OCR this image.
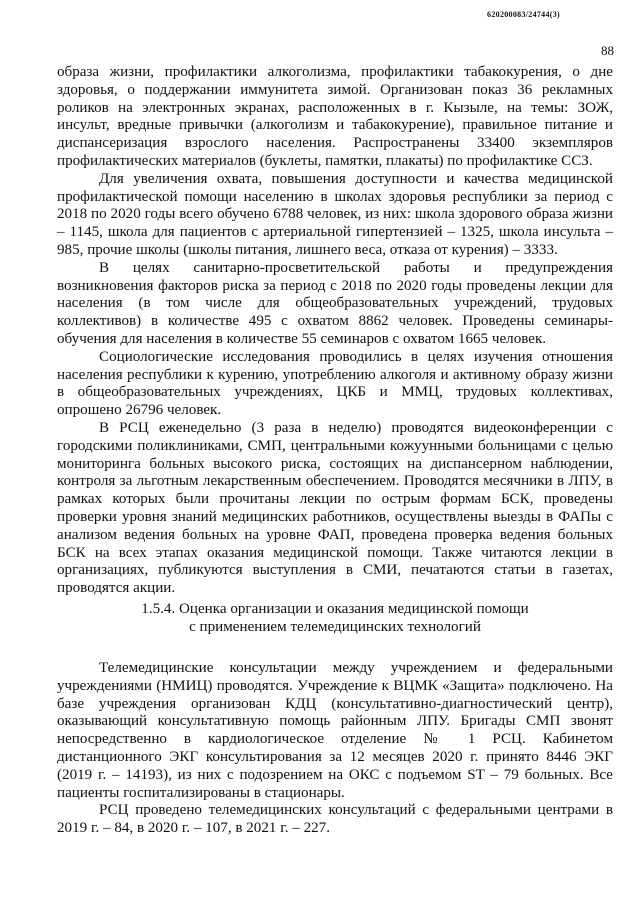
620200083/24744(3)
88

образа жизни, профилактики алкоголизма, профилактики табакокурения, о дне здоровья, о поддержании иммунитета зимой. Организован показ 36 рекламных роликов на электронных экранах, расположенных в г. Кызыле, на темы: ЗОЖ, инсульт, вредные привычки (алкоголизм и табакокурение), правильное питание и диспансеризация взрослого населения. Распространены 33400 экземпляров профилактических материалов (буклеты, памятки, плакаты) по профилактике ССЗ.

Для увеличения охвата, повышения доступности и качества медицинской профилактической помощи населению в школах здоровья республики за период с 2018 по 2020 годы всего обучено 6788 человек, из них: школа здорового образа жизни – 1145, школа для пациентов с артериальной гипертензией – 1325, школа инсульта – 985, прочие школы (школы питания, лишнего веса, отказа от курения) – 3333.

В целях санитарно-просветительской работы и предупреждения возникновения факторов риска за период с 2018 по 2020 годы проведены лекции для населения (в том числе для общеобразовательных учреждений, трудовых коллективов) в количестве 495 с охватом 8862 человек. Проведены семинары-обучения для населения в количестве 55 семинаров с охватом 1665 человек.

Социологические исследования проводились в целях изучения отношения населения республики к курению, употреблению алкоголя и активному образу жизни в общеобразовательных учреждениях, ЦКБ и ММЦ, трудовых коллективах, опрошено 26796 человек.

В РСЦ еженедельно (3 раза в неделю) проводятся видеоконференции с городскими поликлиниками, СМП, центральными кожуунными больницами с целью мониторинга больных высокого риска, состоящих на диспансерном наблюдении, контроля за льготным лекарственным обеспечением. Проводятся месячники в ЛПУ, в рамках которых были прочитаны лекции по острым формам БСК, проведены проверки уровня знаний медицинских работников, осуществлены выезды в ФАПы с анализом ведения больных на уровне ФАП, проведена проверка ведения больных БСК на всех этапах оказания медицинской помощи. Также читаются лекции в организациях, публикуются выступления в СМИ, печатаются статьи в газетах, проводятся акции.

1.5.4. Оценка организации и оказания медицинской помощи
с применением телемедицинских технологий

Телемедицинские консультации между учреждением и федеральными учреждениями (НМИЦ) проводятся. Учреждение к ВЦМК «Защита» подключено. На базе учреждения организован КДЦ (консультативно-диагностический центр), оказывающий консультативную помощь районным ЛПУ. Бригады СМП звонят непосредственно в кардиологическое отделение № 1 РСЦ. Кабинетом дистанционного ЭКГ консультирования за 12 месяцев 2020 г. принято 8446 ЭКГ (2019 г. – 14193), из них с подозрением на ОКС с подъемом ST – 79 больных. Все пациенты госпитализированы в стационары.

РСЦ проведено телемедицинских консультаций с федеральными центрами в 2019 г. – 84, в 2020 г. – 107, в 2021 г. – 227.
